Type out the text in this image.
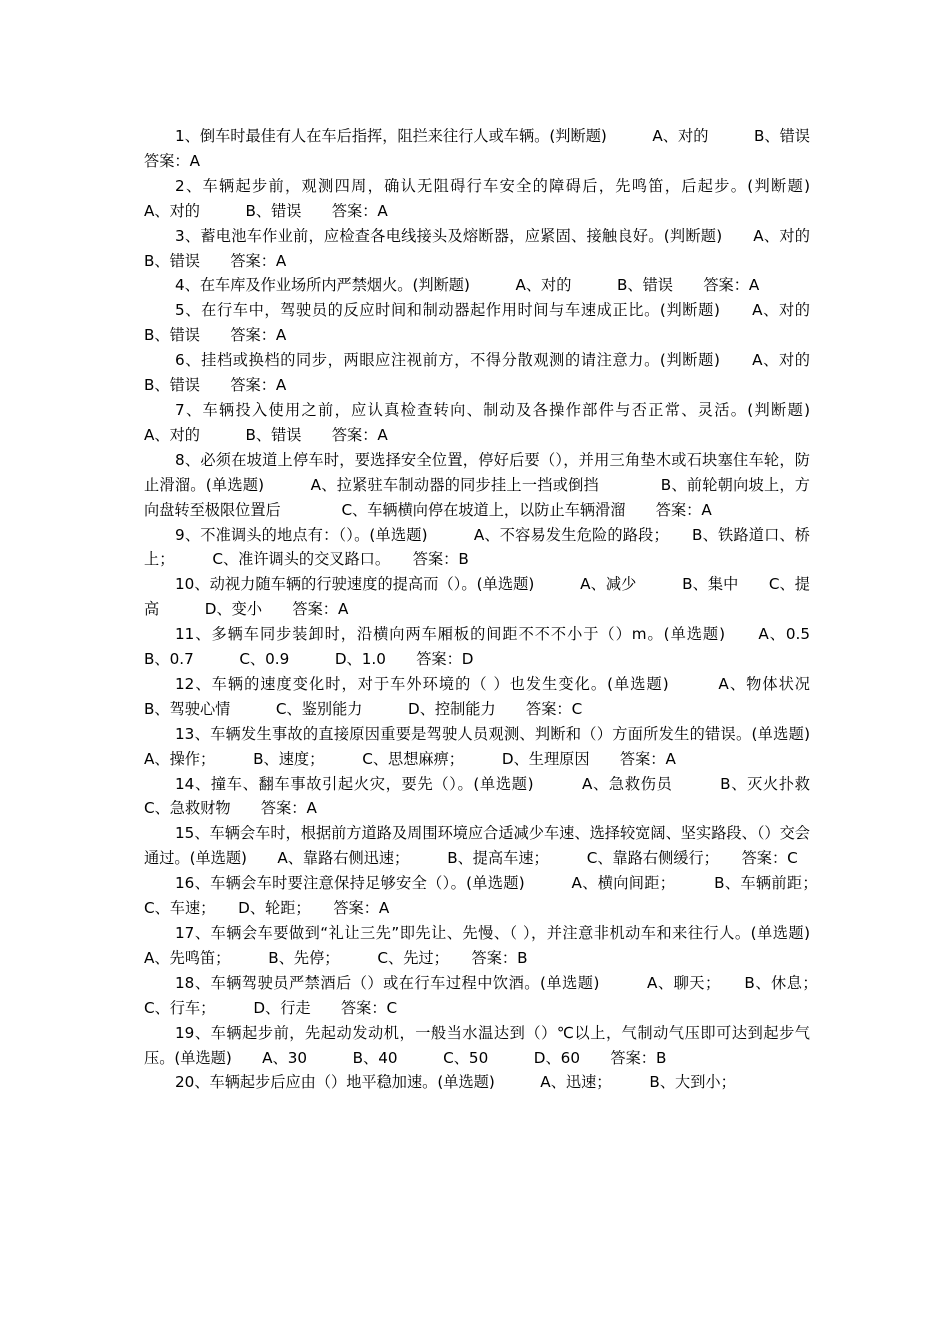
1、倒车时最佳有人在车后指挥，阻拦来往行人或车辆。(判断题)　　　A、对的　　　B、错误　　答案：A

2、车辆起步前，观测四周，确认无阻碍行车安全的障碍后，先鸣笛，后起步。(判断题)　　A、对的　　　B、错误　　答案：A

3、蓄电池车作业前，应检查各电线接头及熔断器，应紧固、接触良好。(判断题)　　A、对的　　　B、错误　　答案：A

4、在车库及作业场所内严禁烟火。(判断题)　　　A、对的　　　B、错误　　答案：A

5、在行车中，驾驶员的反应时间和制动器起作用时间与车速成正比。(判断题)　　A、对的　　　B、错误　　答案：A

6、挂档或换档的同步，两眼应注视前方，不得分散观测的请注意力。(判断题)　　A、对的　　　B、错误　　答案：A

7、车辆投入使用之前，应认真检查转向、制动及各操作部件与否正常、灵活。(判断题)　　A、对的　　　B、错误　　答案：A

8、必须在坡道上停车时，要选择安全位置，停好后要（），并用三角垫木或石块塞住车轮，防止滑溜。(单选题)　　　A、拉紧驻车制动器的同步挂上一挡或倒挡　　　　B、前轮朝向坡上，方向盘转至极限位置后　　　　C、车辆横向停在坡道上，以防止车辆滑溜　　答案：A

9、不准调头的地点有：（）。(单选题)　　　A、不容易发生危险的路段；　　B、铁路道口、桥上；　　　C、准许调头的交叉路口。　　答案：B

10、动视力随车辆的行驶速度的提高而（）。(单选题)　　　A、减少　　　B、集中　　C、提高　　　D、变小　　答案：A

11、多辆车同步装卸时，沿横向两车厢板的间距不不不小于（）m。(单选题)　　A、0.5　　　B、0.7　　　C、0.9　　　D、1.0　　答案：D

12、车辆的速度变化时，对于车外环境的（ ）也发生变化。(单选题)　　　A、物体状况　　　B、驾驶心情　　　C、鉴别能力　　　D、控制能力　　答案：C

13、车辆发生事故的直接原因重要是驾驶人员观测、判断和（）方面所发生的错误。(单选题)　　A、操作；　　　B、速度；　　　C、思想麻痹；　　　D、生理原因　　答案：A

14、撞车、翻车事故引起火灾，要先（）。(单选题)　　　A、急救伤员　　　B、灭火扑救　　　C、急救财物　　答案：A

15、车辆会车时，根据前方道路及周围环境应合适减少车速、选择较宽阔、坚实路段、（）交会通过。(单选题)　　A、靠路右侧迅速；　　　B、提高车速；　　　C、靠路右侧缓行；　　答案：C

16、车辆会车时要注意保持足够安全（）。(单选题)　　　A、横向间距；　　　B、车辆前距；　　C、车速；　　D、轮距；　　答案：A

17、车辆会车要做到“礼让三先”即先让、先慢、（ ），并注意非机动车和来往行人。(单选题)　　A、先鸣笛；　　　B、先停；　　　C、先过；　　答案：B

18、车辆驾驶员严禁酒后（）或在行车过程中饮酒。(单选题)　　　A、聊天；　　B、休息；　　　C、行车；　　　D、行走　　答案：C

19、车辆起步前，先起动发动机，一般当水温达到（）℃以上，气制动气压即可达到起步气压。(单选题)　　A、30　　　B、40　　　C、50　　　D、60　　答案：B

20、车辆起步后应由（）地平稳加速。(单选题)　　　A、迅速；　　　B、大到小；
